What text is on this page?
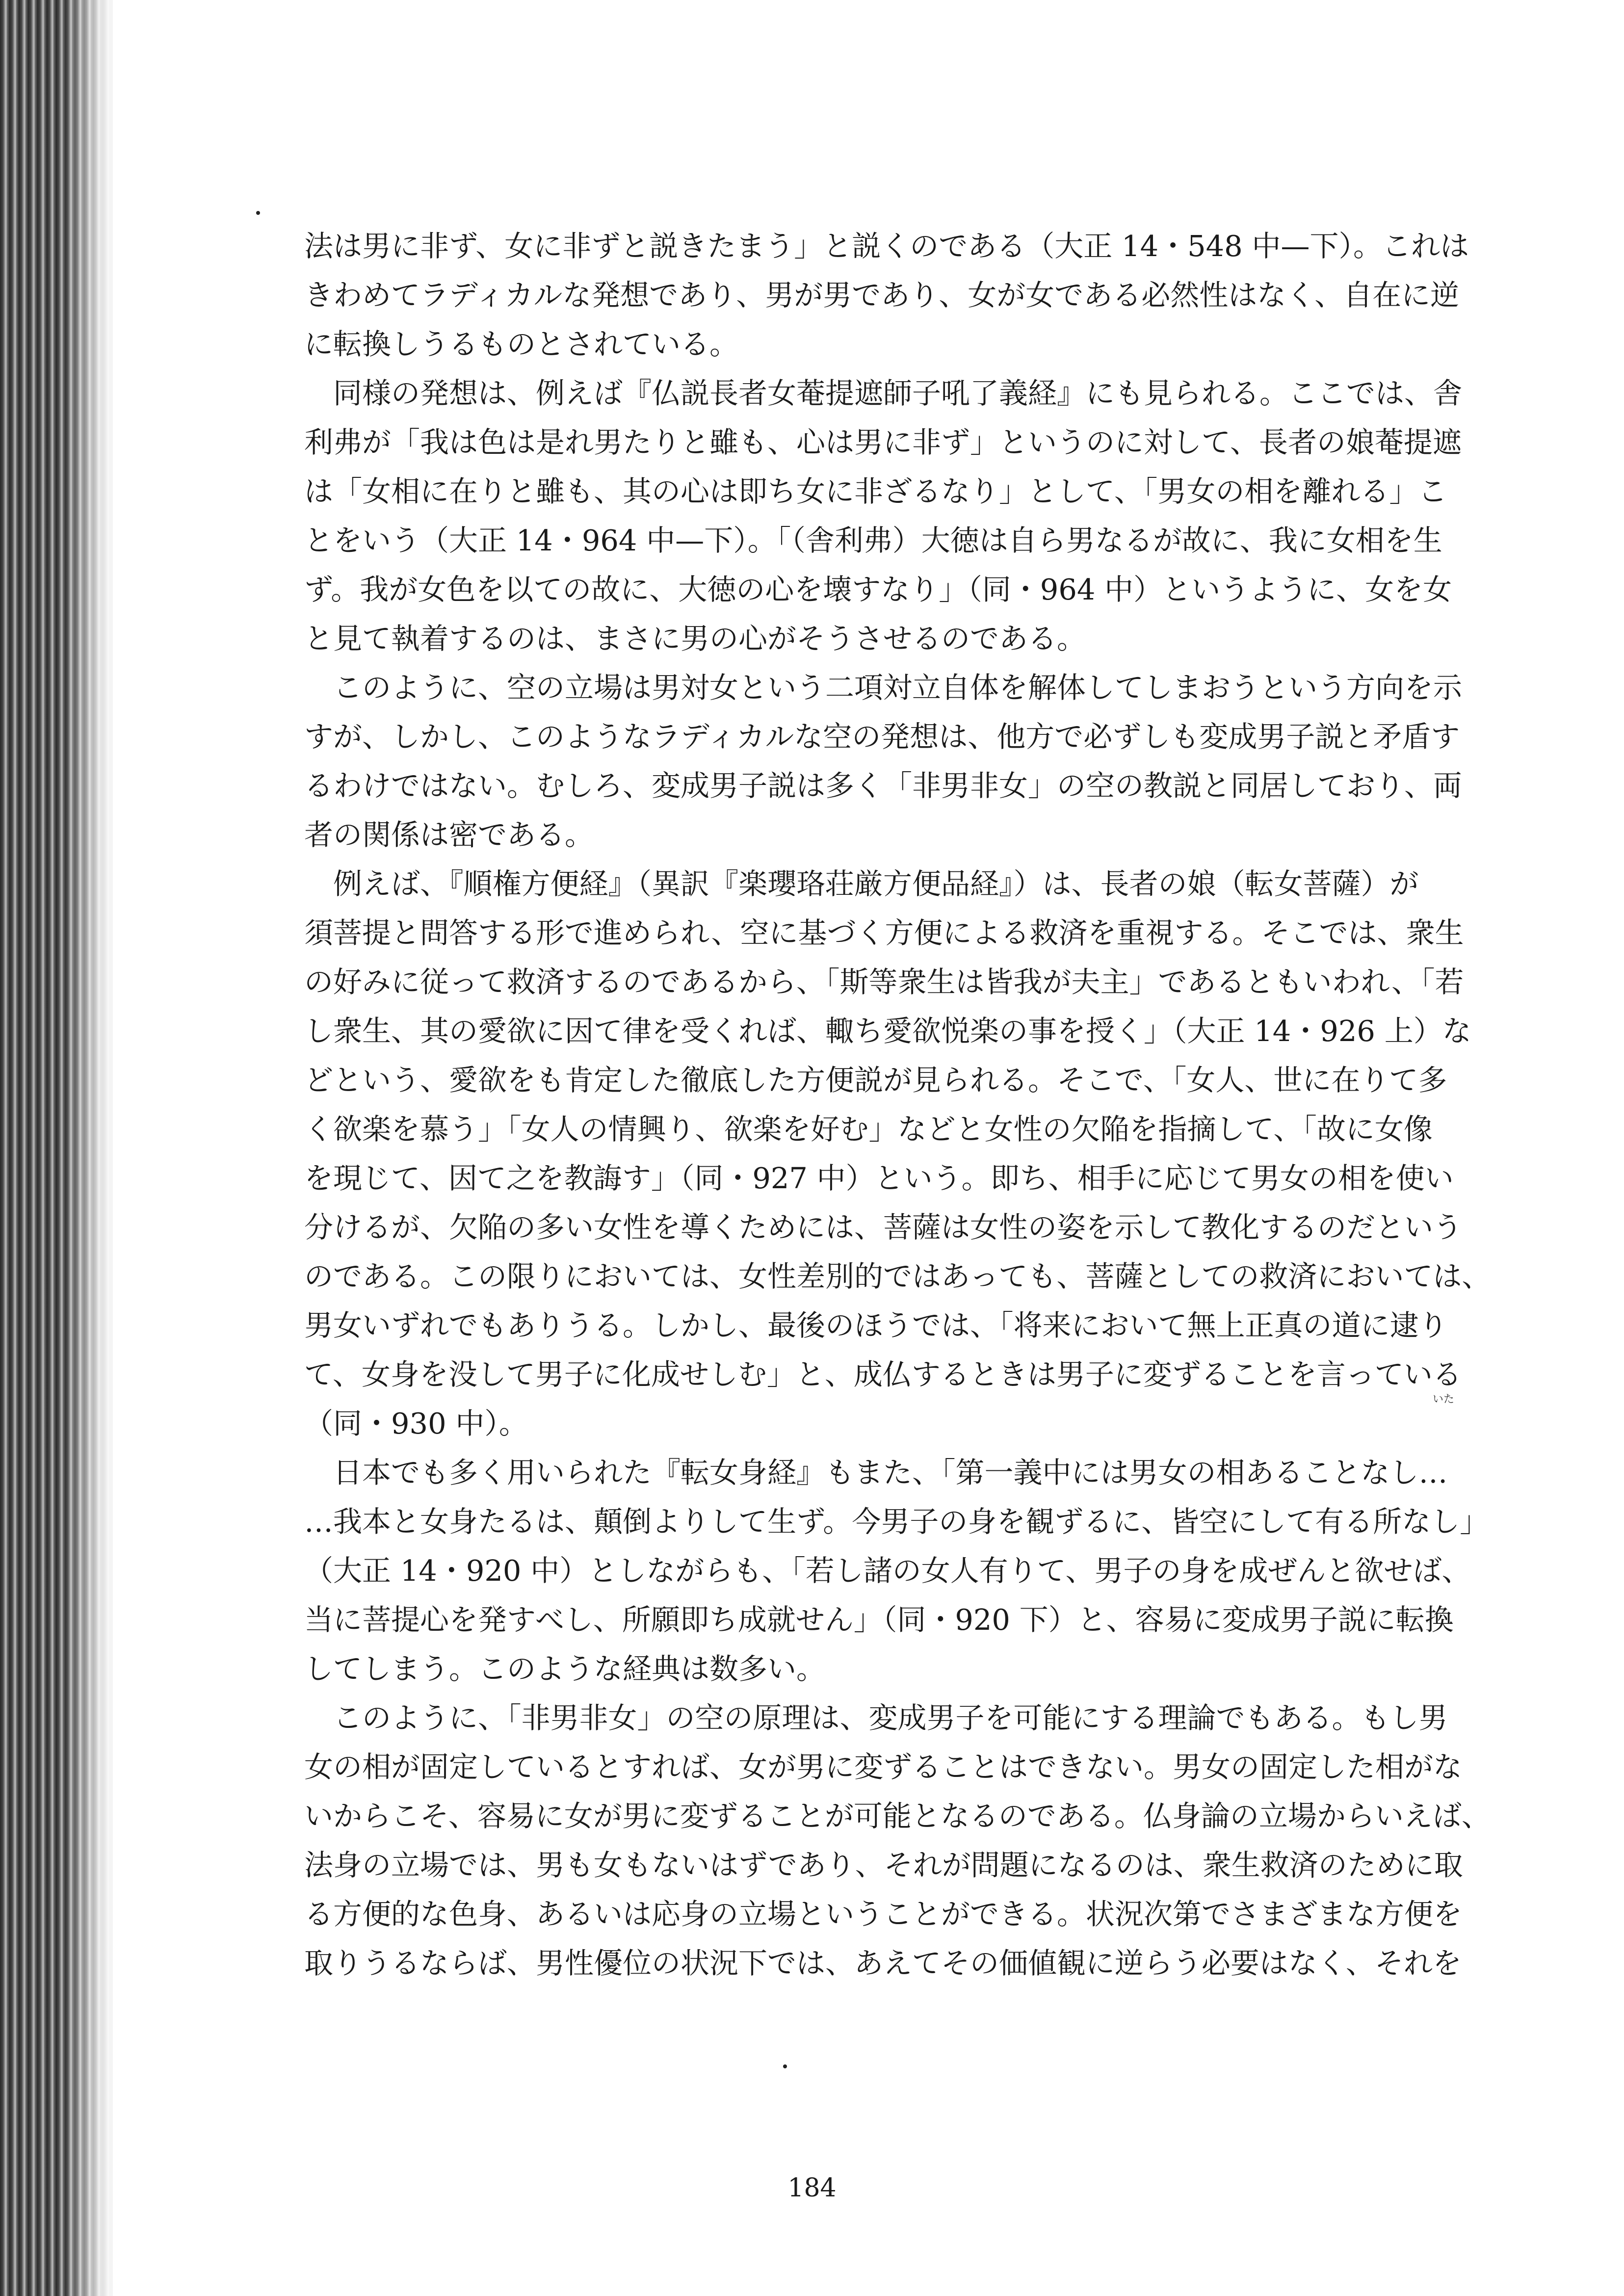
法は男に非ず、女に非ずと説きたまう」と説くのである（大正 14・548 中—下）。これは
きわめてラディカルな発想であり、男が男であり、女が女である必然性はなく、自在に逆
に転換しうるものとされている。
同様の発想は、例えば『仏説長者女菴提遮師子吼了義経』にも見られる。ここでは、舎
利弗が「我は色は是れ男たりと雖も、心は男に非ず」というのに対して、長者の娘菴提遮
は「女相に在りと雖も、其の心は即ち女に非ざるなり」として、「男女の相を離れる」こ
とをいう（大正 14・964 中—下）。「（舎利弗）大徳は自ら男なるが故に、我に女相を生
ず。我が女色を以ての故に、大徳の心を壊すなり」（同・964 中）というように、女を女
と見て執着するのは、まさに男の心がそうさせるのである。
このように、空の立場は男対女という二項対立自体を解体してしまおうという方向を示
すが、しかし、このようなラディカルな空の発想は、他方で必ずしも変成男子説と矛盾す
るわけではない。むしろ、変成男子説は多く「非男非女」の空の教説と同居しており、両
者の関係は密である。
例えば、『順権方便経』（異訳『楽瓔珞荘厳方便品経』）は、長者の娘（転女菩薩）が
須菩提と問答する形で進められ、空に基づく方便による救済を重視する。そこでは、衆生
の好みに従って救済するのであるから、「斯等衆生は皆我が夫主」であるともいわれ、「若
し衆生、其の愛欲に因て律を受くれば、輙ち愛欲悦楽の事を授く」（大正 14・926 上）な
どという、愛欲をも肯定した徹底した方便説が見られる。そこで、「女人、世に在りて多
く欲楽を慕う」「女人の情興り、欲楽を好む」などと女性の欠陥を指摘して、「故に女像
を現じて、因て之を教誨す」（同・927 中）という。即ち、相手に応じて男女の相を使い
分けるが、欠陥の多い女性を導くためには、菩薩は女性の姿を示して教化するのだという
のである。この限りにおいては、女性差別的ではあっても、菩薩としての救済においては、
男女いずれでもありうる。しかし、最後のほうでは、「将来において無上正真の道に逮り
て、女身を没して男子に化成せしむ」と、成仏するときは男子に変ずることを言っている
（同・930 中）。
日本でも多く用いられた『転女身経』もまた、「第一義中には男女の相あることなし…
…我本と女身たるは、顛倒よりして生ず。今男子の身を観ずるに、皆空にして有る所なし」
（大正 14・920 中）としながらも、「若し諸の女人有りて、男子の身を成ぜんと欲せば、
当に菩提心を発すべし、所願即ち成就せん」（同・920 下）と、容易に変成男子説に転換
してしまう。このような経典は数多い。
このように、「非男非女」の空の原理は、変成男子を可能にする理論でもある。もし男
女の相が固定しているとすれば、女が男に変ずることはできない。男女の固定した相がな
いからこそ、容易に女が男に変ずることが可能となるのである。仏身論の立場からいえば、
法身の立場では、男も女もないはずであり、それが問題になるのは、衆生救済のために取
る方便的な色身、あるいは応身の立場ということができる。状況次第でさまざまな方便を
取りうるならば、男性優位の状況下では、あえてその価値観に逆らう必要はなく、それを
いた
184
